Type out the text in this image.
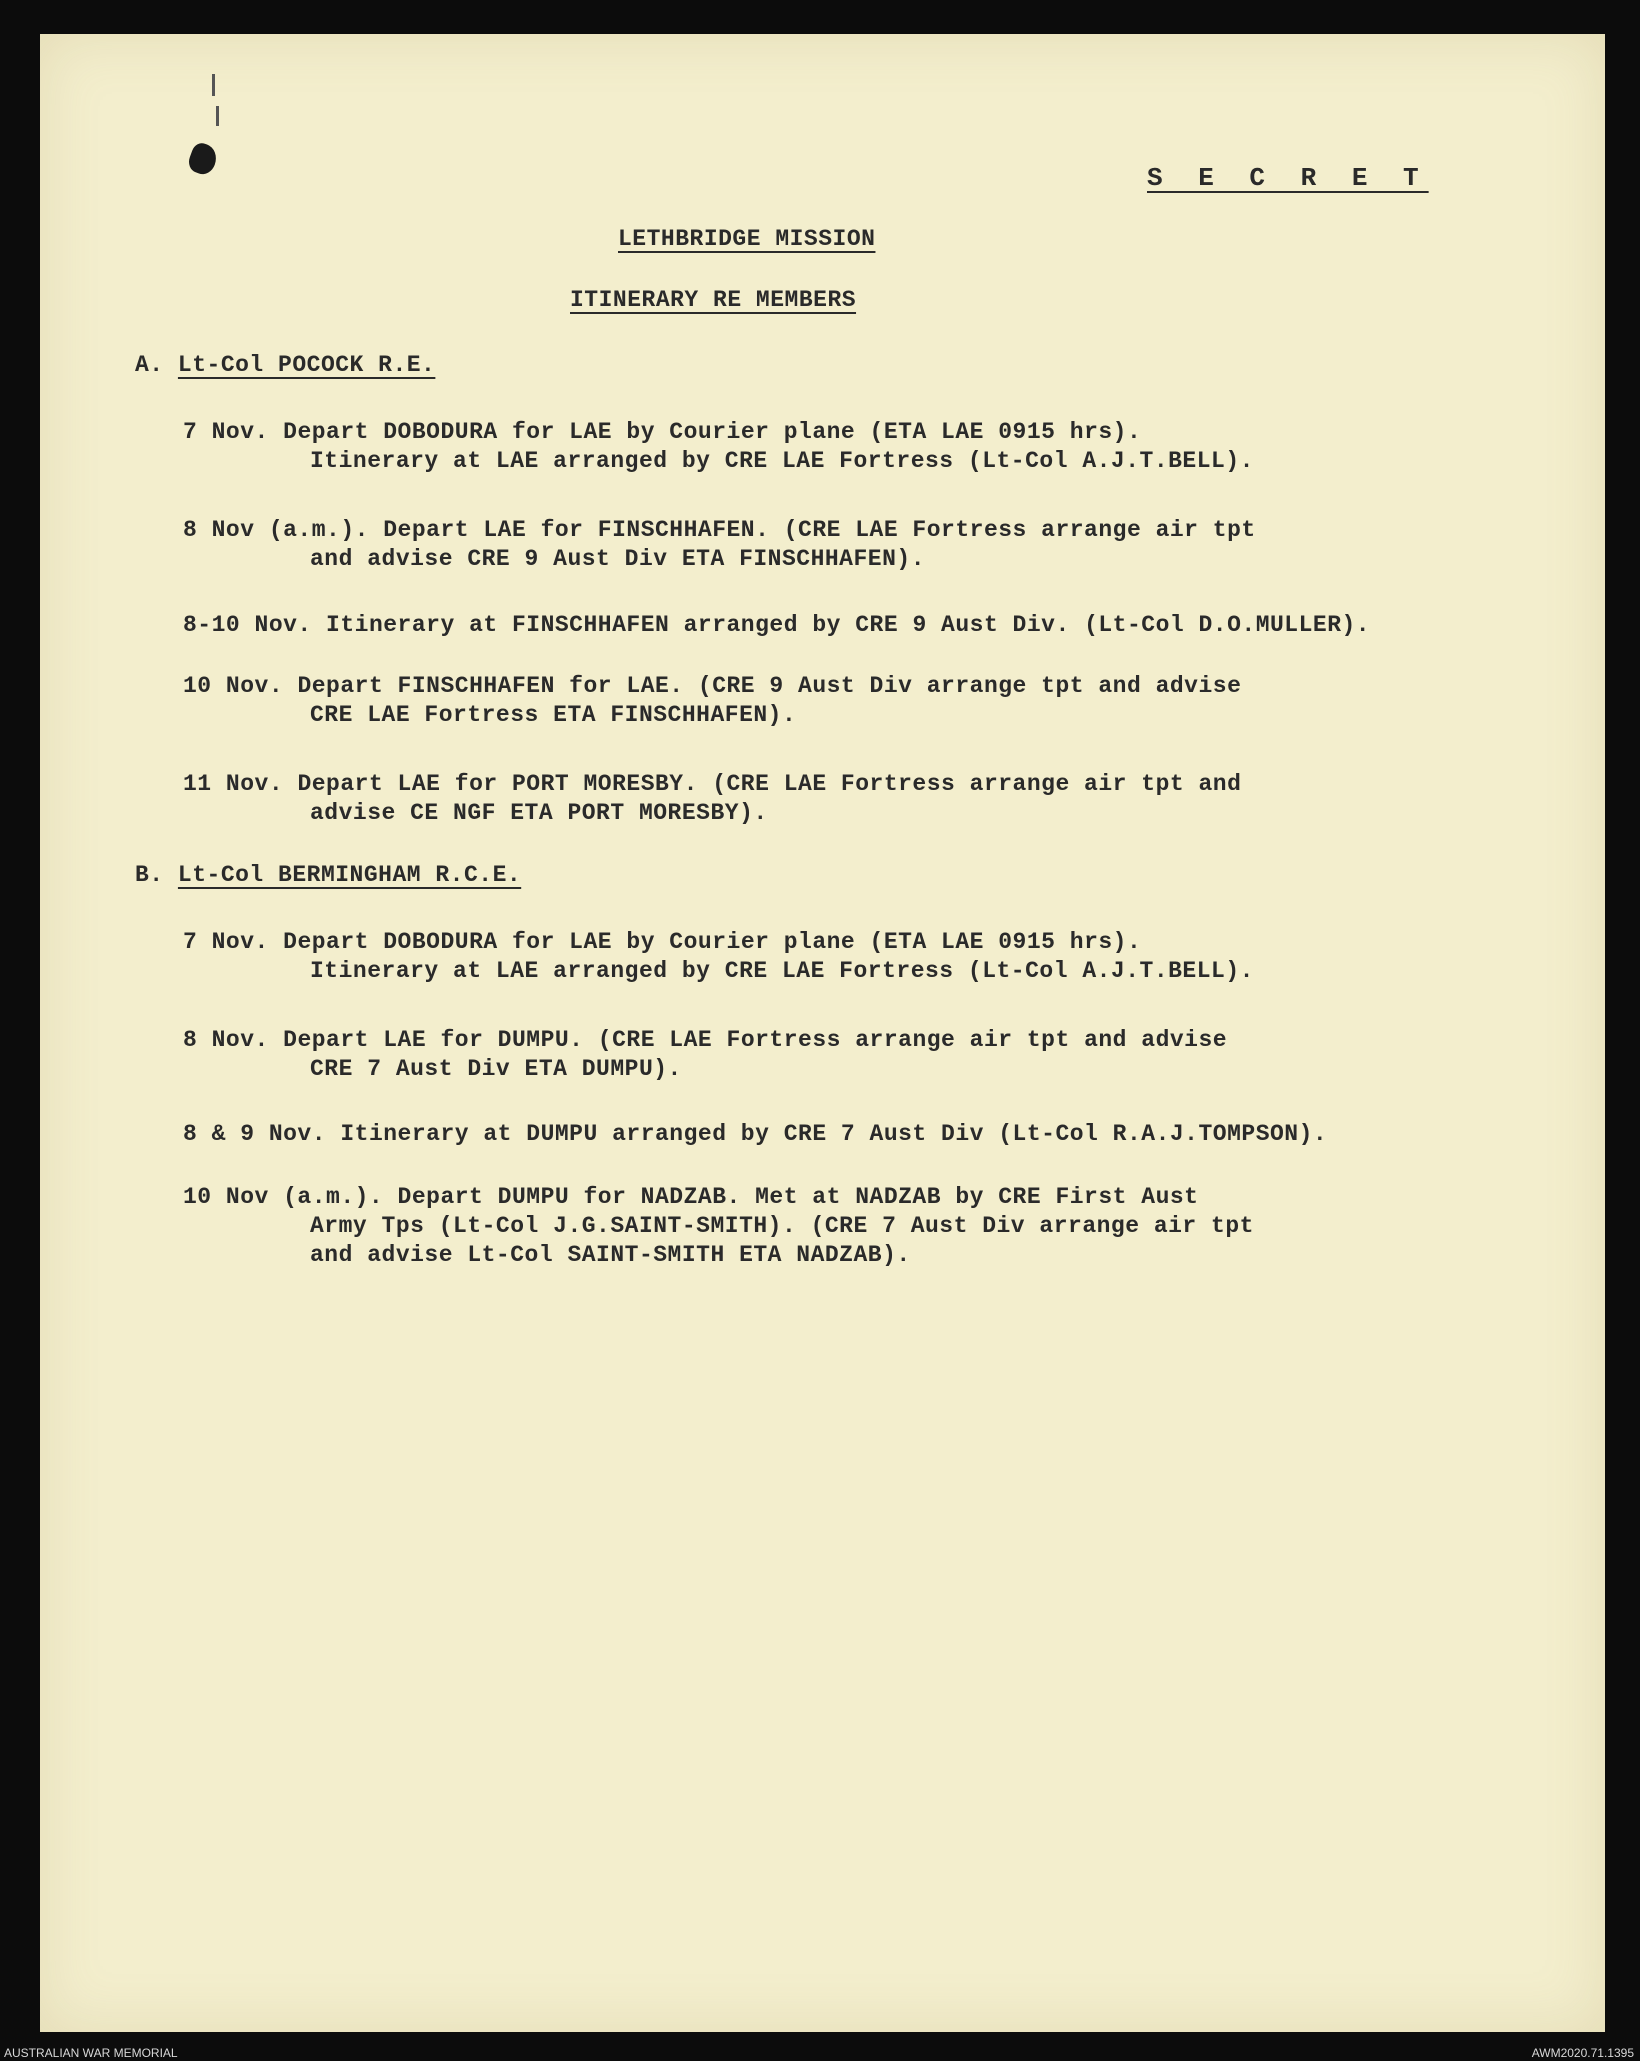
S E C R E T
LETHBRIDGE MISSION
ITINERARY RE MEMBERS
A. Lt-Col POCOCK R.E.
7 Nov. Depart DOBODURA for LAE by Courier plane (ETA LAE 0915 hrs).
Itinerary at LAE arranged by CRE LAE Fortress (Lt-Col A.J.T.BELL).
8 Nov (a.m.). Depart LAE for FINSCHHAFEN. (CRE LAE Fortress arrange air tpt
and advise CRE 9 Aust Div ETA FINSCHHAFEN).
8-10 Nov. Itinerary at FINSCHHAFEN arranged by CRE 9 Aust Div. (Lt-Col D.O.MULLER).
10 Nov. Depart FINSCHHAFEN for LAE. (CRE 9 Aust Div arrange tpt and advise
CRE LAE Fortress ETA FINSCHHAFEN).
11 Nov. Depart LAE for PORT MORESBY. (CRE LAE Fortress arrange air tpt and
advise CE NGF ETA PORT MORESBY).
B. Lt-Col BERMINGHAM R.C.E.
7 Nov. Depart DOBODURA for LAE by Courier plane (ETA LAE 0915 hrs).
Itinerary at LAE arranged by CRE LAE Fortress (Lt-Col A.J.T.BELL).
8 Nov. Depart LAE for DUMPU. (CRE LAE Fortress arrange air tpt and advise
CRE 7 Aust Div ETA DUMPU).
8 & 9 Nov. Itinerary at DUMPU arranged by CRE 7 Aust Div (Lt-Col R.A.J.TOMPSON).
10 Nov (a.m.). Depart DUMPU for NADZAB. Met at NADZAB by CRE First Aust
Army Tps (Lt-Col J.G.SAINT-SMITH). (CRE 7 Aust Div arrange air tpt
and advise Lt-Col SAINT-SMITH ETA NADZAB).
AUSTRALIAN WAR MEMORIAL	AWM2020.71.1395
